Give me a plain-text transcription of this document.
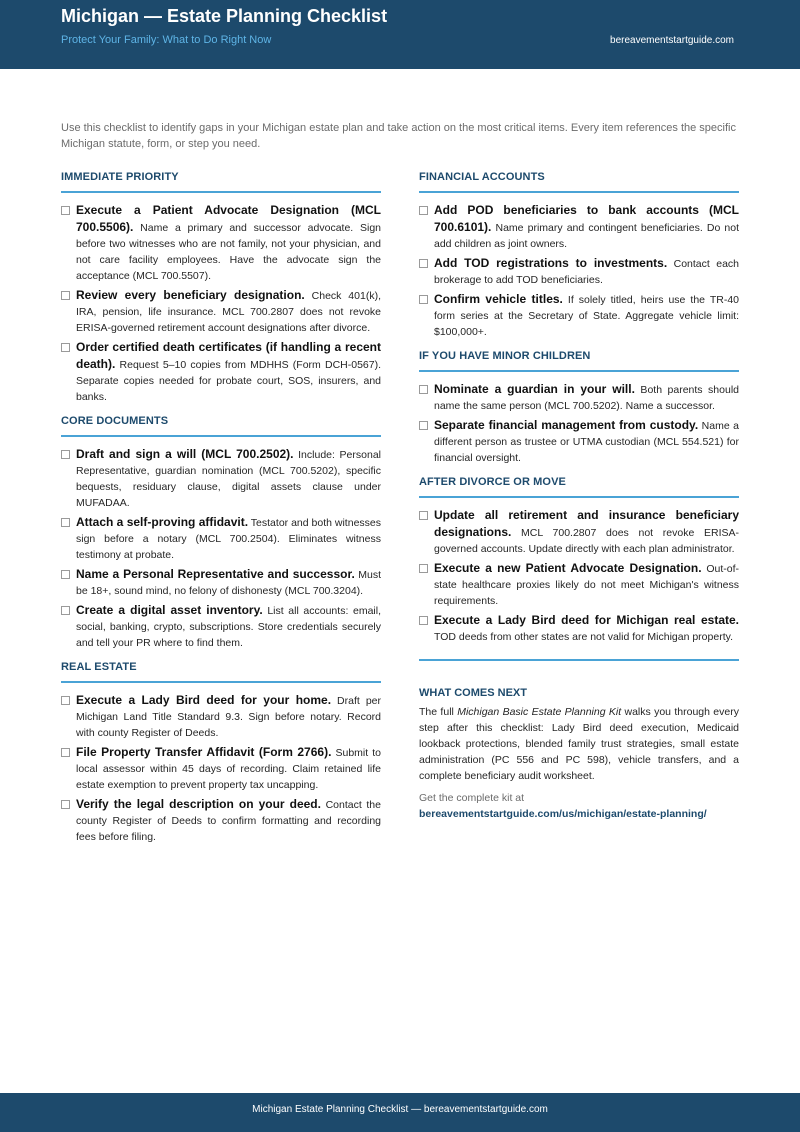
Michigan — Estate Planning Checklist
Protect Your Family: What to Do Right Now	bereavementstartguide.com
Use this checklist to identify gaps in your Michigan estate plan and take action on the most critical items. Every item references the specific Michigan statute, form, or step you need.
IMMEDIATE PRIORITY
Execute a Patient Advocate Designation (MCL 700.5506). Name a primary and successor advocate. Sign before two witnesses who are not family, not your physician, and not care facility employees. Have the advocate sign the acceptance (MCL 700.5507).
Review every beneficiary designation. Check 401(k), IRA, pension, life insurance. MCL 700.2807 does not revoke ERISA-governed retirement account designations after divorce.
Order certified death certificates (if handling a recent death). Request 5–10 copies from MDHHS (Form DCH-0567). Separate copies needed for probate court, SOS, insurers, and banks.
CORE DOCUMENTS
Draft and sign a will (MCL 700.2502). Include: Personal Representative, guardian nomination (MCL 700.5202), specific bequests, residuary clause, digital assets clause under MUFADAA.
Attach a self-proving affidavit. Testator and both witnesses sign before a notary (MCL 700.2504). Eliminates witness testimony at probate.
Name a Personal Representative and successor. Must be 18+, sound mind, no felony of dishonesty (MCL 700.3204).
Create a digital asset inventory. List all accounts: email, social, banking, crypto, subscriptions. Store credentials securely and tell your PR where to find them.
REAL ESTATE
Execute a Lady Bird deed for your home. Draft per Michigan Land Title Standard 9.3. Sign before notary. Record with county Register of Deeds.
File Property Transfer Affidavit (Form 2766). Submit to local assessor within 45 days of recording. Claim retained life estate exemption to prevent property tax uncapping.
Verify the legal description on your deed. Contact the county Register of Deeds to confirm formatting and recording fees before filing.
FINANCIAL ACCOUNTS
Add POD beneficiaries to bank accounts (MCL 700.6101). Name primary and contingent beneficiaries. Do not add children as joint owners.
Add TOD registrations to investments. Contact each brokerage to add TOD beneficiaries.
Confirm vehicle titles. If solely titled, heirs use the TR-40 form series at the Secretary of State. Aggregate vehicle limit: $100,000+.
IF YOU HAVE MINOR CHILDREN
Nominate a guardian in your will. Both parents should name the same person (MCL 700.5202). Name a successor.
Separate financial management from custody. Name a different person as trustee or UTMA custodian (MCL 554.521) for financial oversight.
AFTER DIVORCE OR MOVE
Update all retirement and insurance beneficiary designations. MCL 700.2807 does not revoke ERISA-governed accounts. Update directly with each plan administrator.
Execute a new Patient Advocate Designation. Out-of-state healthcare proxies likely do not meet Michigan's witness requirements.
Execute a Lady Bird deed for Michigan real estate. TOD deeds from other states are not valid for Michigan property.
WHAT COMES NEXT
The full Michigan Basic Estate Planning Kit walks you through every step after this checklist: Lady Bird deed execution, Medicaid lookback protections, blended family trust strategies, small estate administration (PC 556 and PC 598), vehicle transfers, and a complete beneficiary audit worksheet.
Get the complete kit at
bereavementstartguide.com/us/michigan/estate-planning/
Michigan Estate Planning Checklist — bereavementstartguide.com
